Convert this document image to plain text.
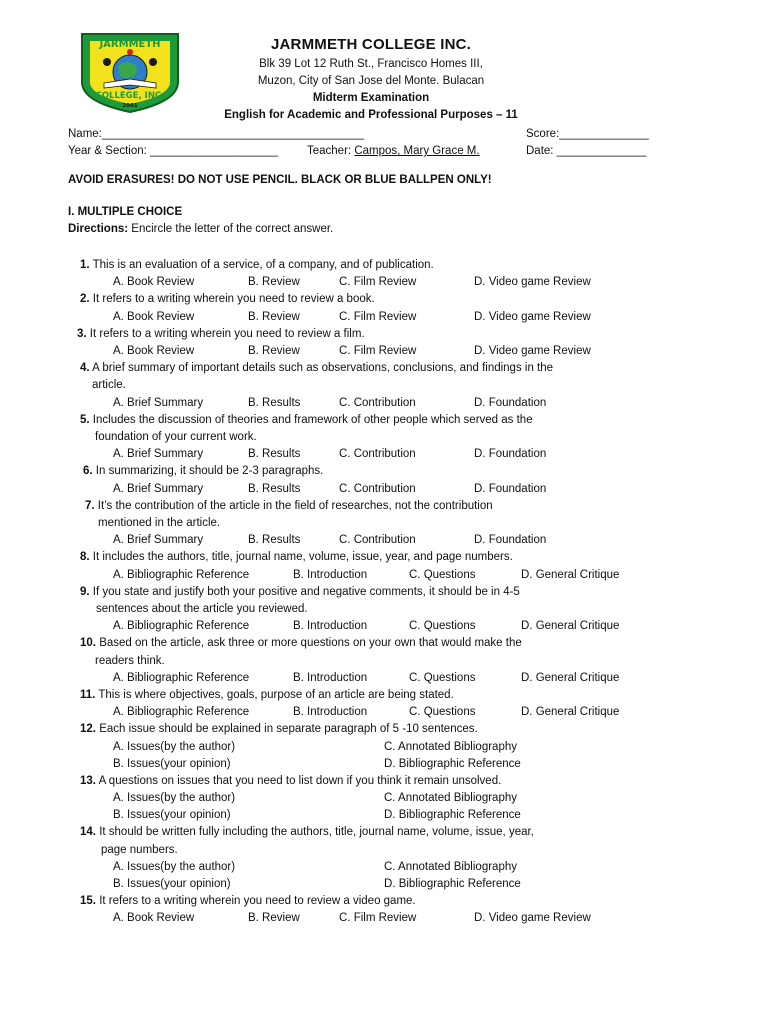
JARMMETH
COLLEGE, INC.
2001
JARMMETH COLLEGE INC.
Blk 39 Lot 12 Ruth St., Francisco Homes III,
Muzon, City of San Jose del Monte. Bulacan
Midterm Examination
English for Academic and Professional Purposes – 11
Name:_________________________________________	Score:______________
Year & Section: ____________________	Teacher: Campos, Mary Grace M.	Date: ______________
AVOID ERASURES! DO NOT USE PENCIL. BLACK OR BLUE BALLPEN ONLY!
I. MULTIPLE CHOICE
Directions: Encircle the letter of the correct answer.
1. This is an evaluation of a service, of a company, and of publication.
A. Book Review	B. Review	C. Film Review	D. Video game Review
2. It refers to a writing wherein you need to review a book.
A. Book Review	B. Review	C. Film Review	D. Video game Review
3. It refers to a writing wherein you need to review a film.
A. Book Review	B. Review	C. Film Review	D. Video game Review
4. A brief summary of important details such as observations, conclusions, and findings in the
article.
A. Brief Summary	B. Results	C. Contribution	D. Foundation
5. Includes the discussion of theories and framework of other people which served as the
foundation of your current work.
A. Brief Summary	B. Results	C. Contribution	D. Foundation
6. In summarizing, it should be 2-3 paragraphs.
A. Brief Summary	B. Results	C. Contribution	D. Foundation
7. It’s the contribution of the article in the field of researches, not the contribution
mentioned in the article.
A. Brief Summary	B. Results	C. Contribution	D. Foundation
8. It includes the authors, title, journal name, volume, issue, year, and page numbers.
A. Bibliographic Reference	B. Introduction	C. Questions	D. General Critique
9. If you state and justify both your positive and negative comments, it should be in 4-5
sentences about the article you reviewed.
A. Bibliographic Reference	B. Introduction	C. Questions	D. General Critique
10. Based on the article, ask three or more questions on your own that would make the
readers think.
A. Bibliographic Reference	B. Introduction	C. Questions	D. General Critique
11. This is where objectives, goals, purpose of an article are being stated.
A. Bibliographic Reference	B. Introduction	C. Questions	D. General Critique
12. Each issue should be explained in separate paragraph of 5 -10 sentences.
A. Issues(by the author)	C. Annotated Bibliography
B. Issues(your opinion)	D. Bibliographic Reference
13. A questions on issues that you need to list down if you think it remain unsolved.
A. Issues(by the author)	C. Annotated Bibliography
B. Issues(your opinion)	D. Bibliographic Reference
14. It should be written fully including the authors, title, journal name, volume, issue, year,
page numbers.
A. Issues(by the author)	C. Annotated Bibliography
B. Issues(your opinion)	D. Bibliographic Reference
15. It refers to a writing wherein you need to review a video game.
A. Book Review	B. Review	C. Film Review	D. Video game Review
